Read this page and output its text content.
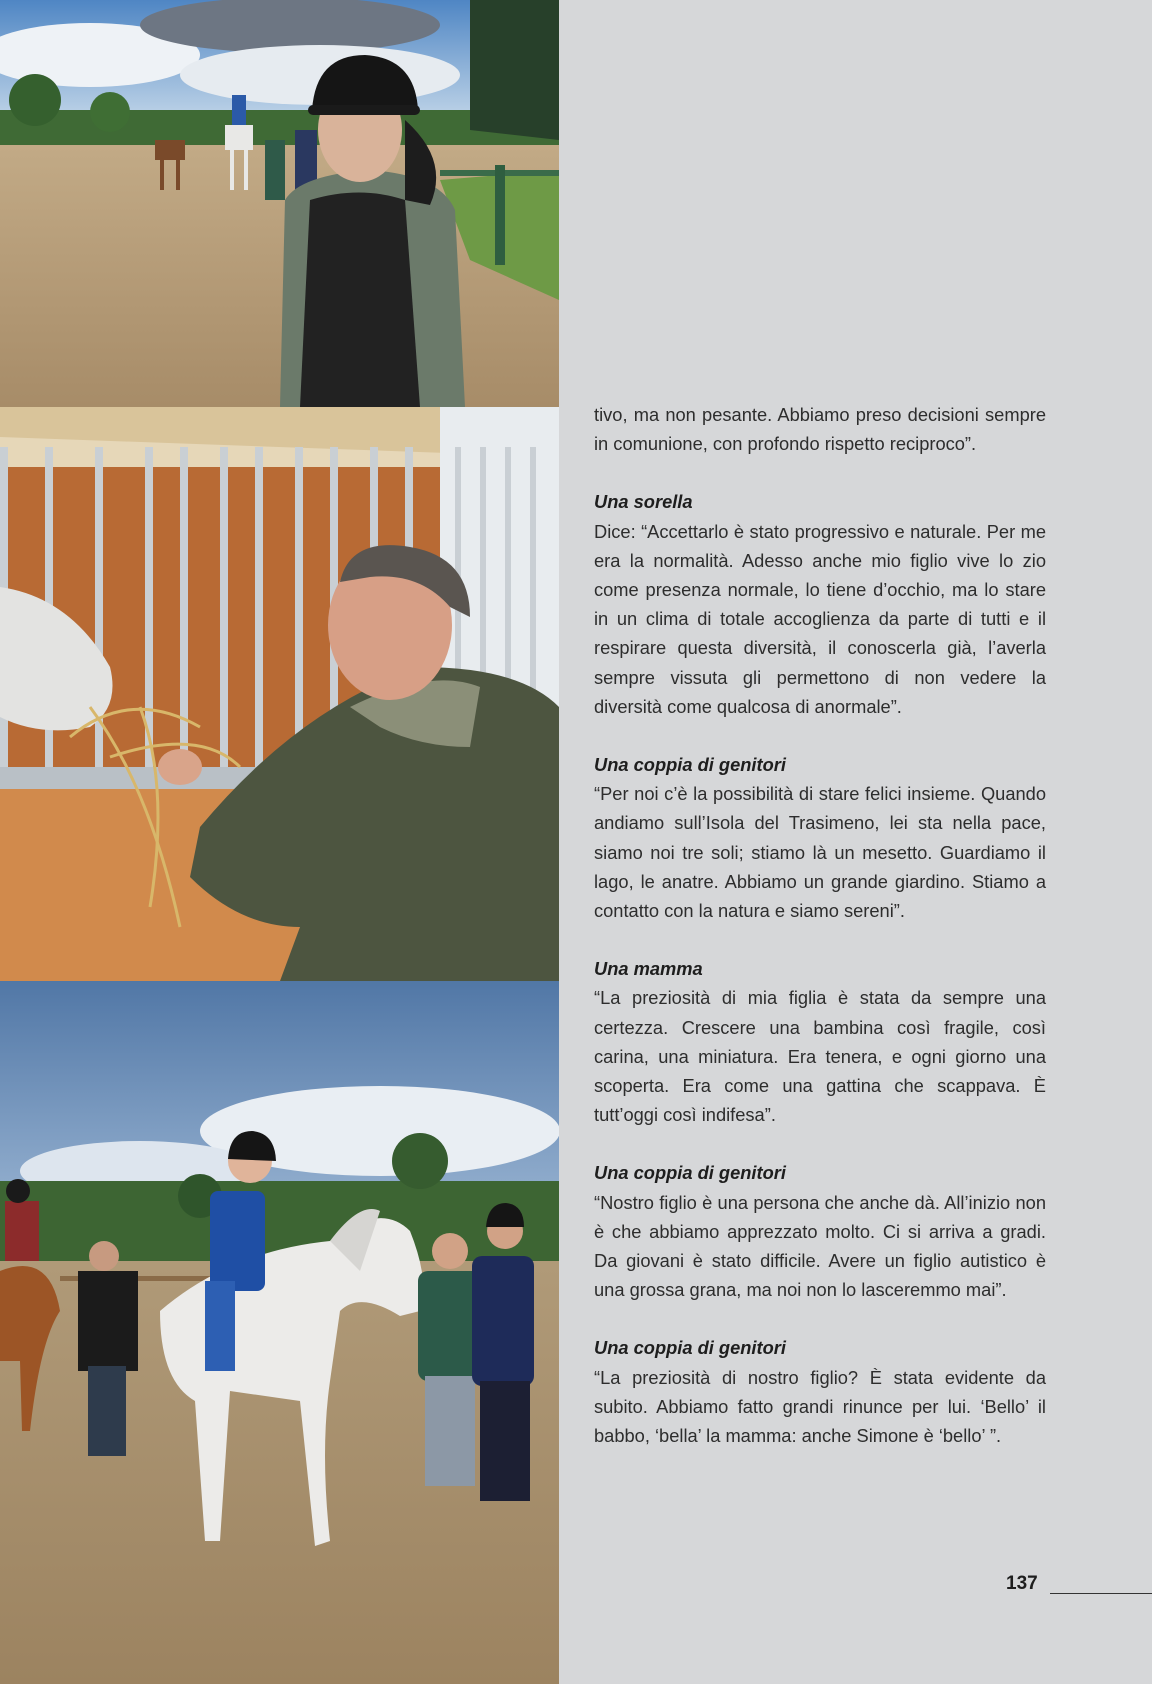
tivo, ma non pesante. Abbiamo preso decisioni sempre in comunione, con profondo rispetto reciproco”.

Una sorella

Dice: “Accettarlo è stato progressivo e naturale. Per me era la normalità. Adesso anche mio figlio vive lo zio come presenza normale, lo tiene d’occhio, ma lo stare in un clima di totale accoglienza da parte di tutti e il respirare questa diversità, il conoscerla già, l’averla sempre vissuta gli permettono di non vedere la diversità come qualcosa di anormale”.

Una coppia di genitori

“Per noi c’è la possibilità di stare felici insieme. Quando andiamo sull’Isola del Trasimeno, lei sta nella pace, siamo noi tre soli; stiamo là un mesetto. Guardiamo il lago, le anatre. Abbiamo un grande giardino. Stiamo a contatto con la natura e siamo sereni”.

Una mamma

“La preziosità di mia figlia è stata da sempre una certezza. Crescere una bambina così fragile, così carina, una miniatura. Era tenera, e ogni giorno una scoperta. Era come una gattina che scappava. È tutt’oggi così indifesa”.

Una coppia di genitori

“Nostro figlio è una persona che anche dà. All’inizio non è che abbiamo apprezzato molto. Ci si arriva a gradi. Da giovani è stato difficile. Avere un figlio autistico è una grossa grana, ma noi non lo lasceremmo mai”.

Una coppia di genitori

“La preziosità di nostro figlio? È stata evidente da subito. Abbiamo fatto grandi rinunce per lui. ‘Bello’ il babbo, ‘bella’ la mamma: anche Simone è ‘bello’ ”.

137
